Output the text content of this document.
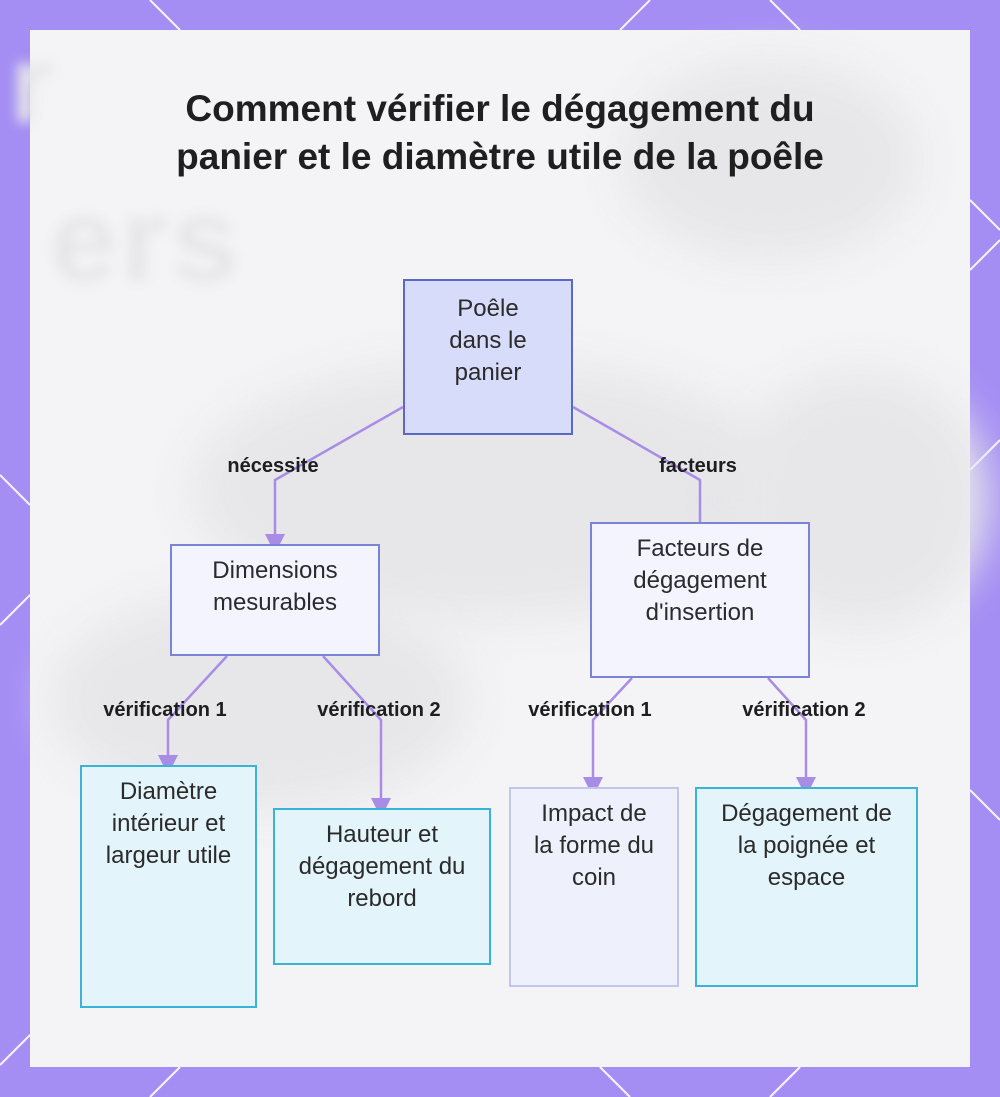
ers
r	Comment vérifier le dégagement du panier et le diamètre utile de la poêle
nécessite	facteurs
vérification 1	vérification 2	vérification 1	vérification 2
Poêle dans le panier
Dimensions mesurables
Facteurs de dégagement d'insertion
Diamètre intérieur et largeur utile
Hauteur et dégagement du rebord
Impact de la forme du coin
Dégagement de la poignée et espace
